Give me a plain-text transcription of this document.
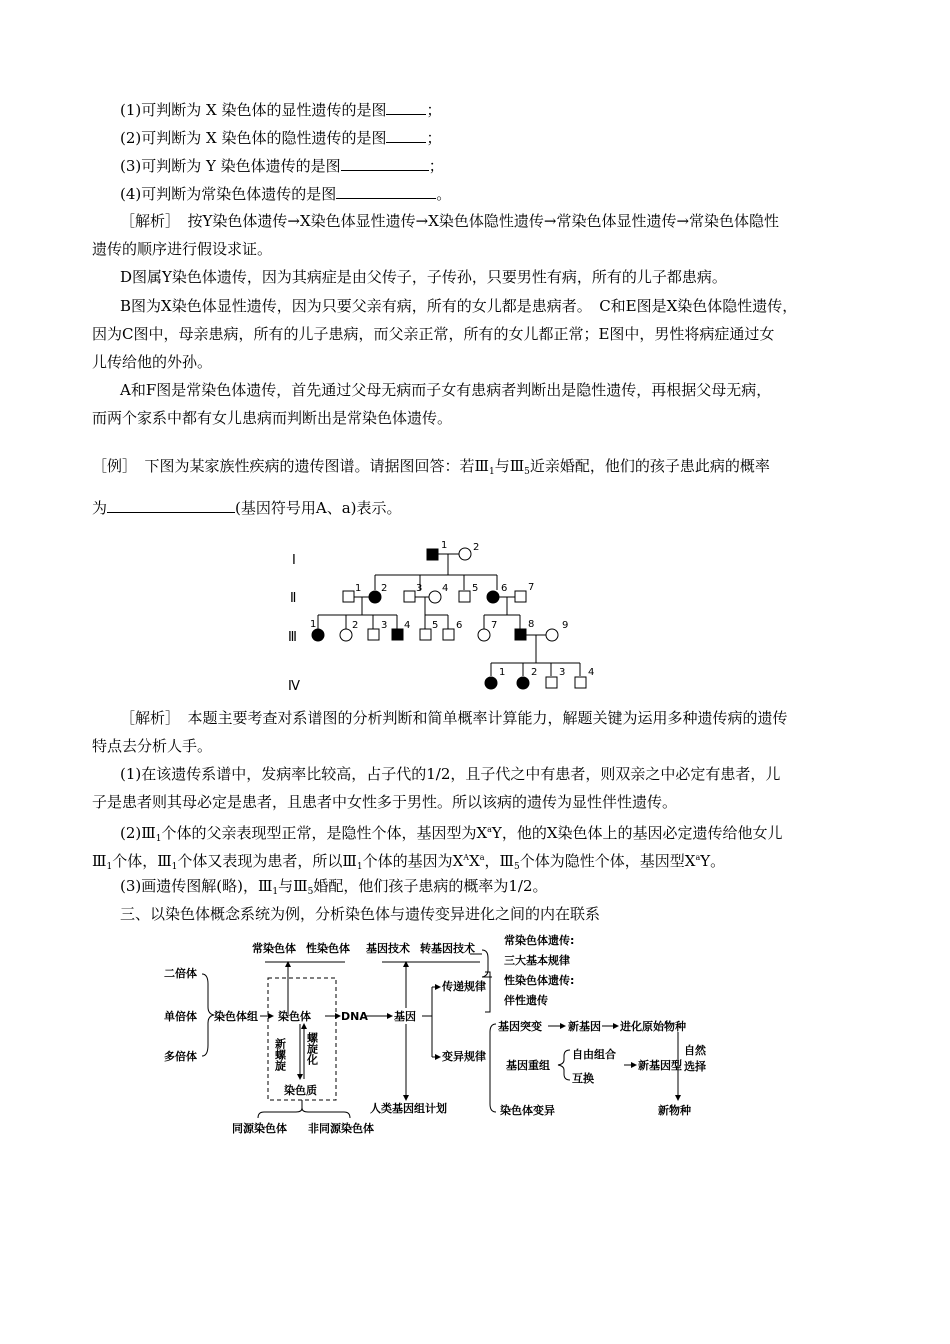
(1)可判断为 X 染色体的显性遗传的是图	；
(2)可判断为 X 染色体的隐性遗传的是图	；
(3)可判断为 Y 染色体遗传的是图	；
(4)可判断为常染色体遗传的是图	。
［解析］　按Y染色体遗传→X染色体显性遗传→X染色体隐性遗传→常染色体显性遗传→常染色体隐性
遗传的顺序进行假设求证。
D图属Y染色体遗传，因为其病症是由父传子，子传孙，只要男性有病，所有的儿子都患病。
B图为X染色体显性遗传，因为只要父亲有病，所有的女儿都是患病者。　C和E图是X染色体隐性遗传，
因为C图中，母亲患病，所有的儿子患病，而父亲正常，所有的女儿都正常；E图中，男性将病症通过女
儿传给他的外孙。
A和F图是常染色体遗传，首先通过父母无病而子女有患病者判断出是隐性遗传，再根据父母无病，
而两个家系中都有女儿患病而判断出是常染色体遗传。
［例］　下图为某家族性疾病的遗传图谱。请据图回答：若$Ⅲ_1$与$Ⅲ_5$近亲婚配，他们的孩子患此病的概率
为	(基因符号用A、a)表示。
Ⅰ
Ⅱ
Ⅲ
Ⅳ
1	2
1 2	3 4 5 6 7
1	2 3 4 5 6	7	8	9
1	2 3 4
［解析］　本题主要考查对系谱图的分析判断和简单概率计算能力，解题关键为运用多种遗传病的遗传
特点去分析人手。
(1)在该遗传系谱中，发病率比较高，占子代的1/2，且子代之中有患者，则双亲之中必定有患者，儿
子是患者则其母必定是患者，且患者中女性多于男性。所以该病的遗传为显性伴性遗传。
$(2)Ⅲ_1$个体的父亲表现型正常，是隐性个体，基因型为$X^aY$，他的X染色体上的基因必定遗传给他女儿
$Ⅲ_1$个体，$Ⅲ_1$个体又表现为患者，所以$Ⅲ_1$个体的基因为$X^AX^a$，$Ⅲ_5$个体为隐性个体，基因型$X^aY$。
(3)画遗传图解(略)，$Ⅲ_1$与$Ⅲ_5$婚配，他们孩子患病的概率为1/2。
三、以染色体概念系统为例，分析染色体与遗传变异进化之间的内在联系
常染色体 性染色体 基因技术 转基因技术
二倍体
单倍体
多倍体
染色体组 染色体	DNA 基因
新螺旋 螺旋化
染色质
同源染色体 非同源染色体
人类基因组计划
传递规律
变异规律
常染色体遗传:
三大基本规律
性染色体遗传:
伴性遗传
基因突变 新基因 进化原始物种
基因重组
自由组合
互换
新基因型
自然
选择
染色体变异	新物种
